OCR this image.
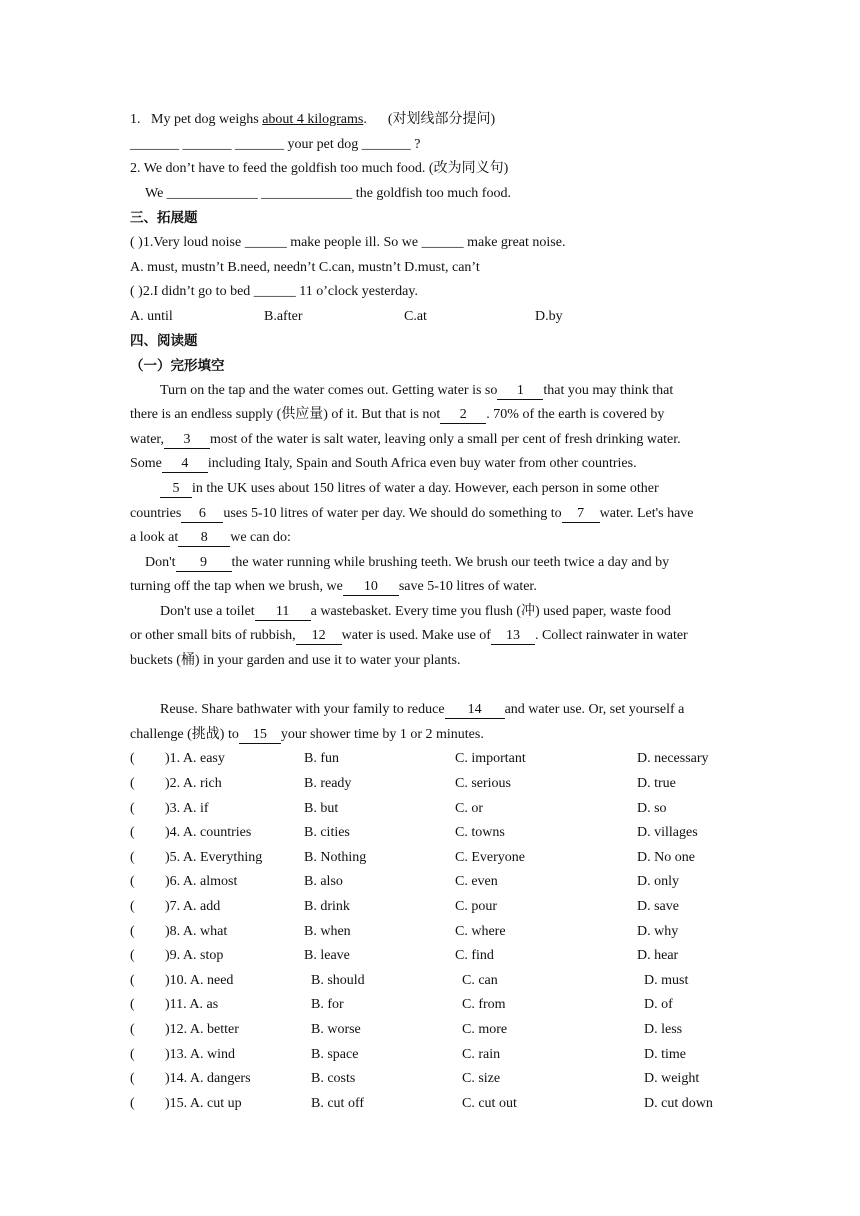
1. My pet dog weighs about 4 kilograms. (对划线部分提问)
_______ _______ _______ your pet dog _______ ?
2. We don’t have to feed the goldfish too much food. (改为同义句)
We _____________ _____________ the goldfish too much food.
三、拓展题
( )1.Very loud noise ______ make people ill. So we ______ make great noise.
A. must, mustn’t B.need, needn’t C.can, mustn’t D.must, can’t
( )2.I didn’t go to bed ______ 11 o’clock yesterday.
A. until	B.after	C.at	D.by
四、阅读题
（一）完形填空
Turn on the tap and the water comes out. Getting water is so 1 that you may think that
there is an endless supply (供应量) of it. But that is not 2 . 70% of the earth is covered by
water, 3 most of the water is salt water, leaving only a small per cent of fresh drinking water.
Some 4 including Italy, Spain and South Africa even buy water from other countries.
5 in the UK uses about 150 litres of water a day. However, each person in some other
countries 6 uses 5-10 litres of water per day. We should do something to 7 water. Let's have
a look at 8 we can do:
Don't 9 the water running while brushing teeth. We brush our teeth twice a day and by
turning off the tap when we brush, we 10 save 5-10 litres of water.
Don't use a toilet 11 a wastebasket. Every time you flush (冲) used paper, waste food
or other small bits of rubbish, 12 water is used. Make use of 13 . Collect rainwater in water
buckets (桶) in your garden and use it to water your plants.
Reuse. Share bathwater with your family to reduce 14 and water use. Or, set yourself a
challenge (挑战) to 15your shower time by 1 or 2 minutes.
( )1. A. easy	B. fun	C. important	D. necessary
( )2. A. rich	B. ready	C. serious	D. true
( )3. A. if	B. but	C. or	D. so
( )4. A. countries	B. cities	C. towns	D. villages
( )5. A. Everything	B. Nothing	C. Everyone	D. No one
( )6. A. almost	B. also	C. even	D. only
( )7. A. add	B. drink	C. pour	D. save
( )8. A. what	B. when	C. where	D. why
( )9. A. stop	B. leave	C. find	D. hear
( )10. A. need	B. should	C. can	D. must
( )11. A. as	B. for	C. from	D. of
( )12. A. better	B. worse	C. more	D. less
( )13. A. wind	B. space	C. rain	D. time
( )14. A. dangers	B. costs	C. size	D. weight
( )15. A. cut up	B. cut off	C. cut out	D. cut down
